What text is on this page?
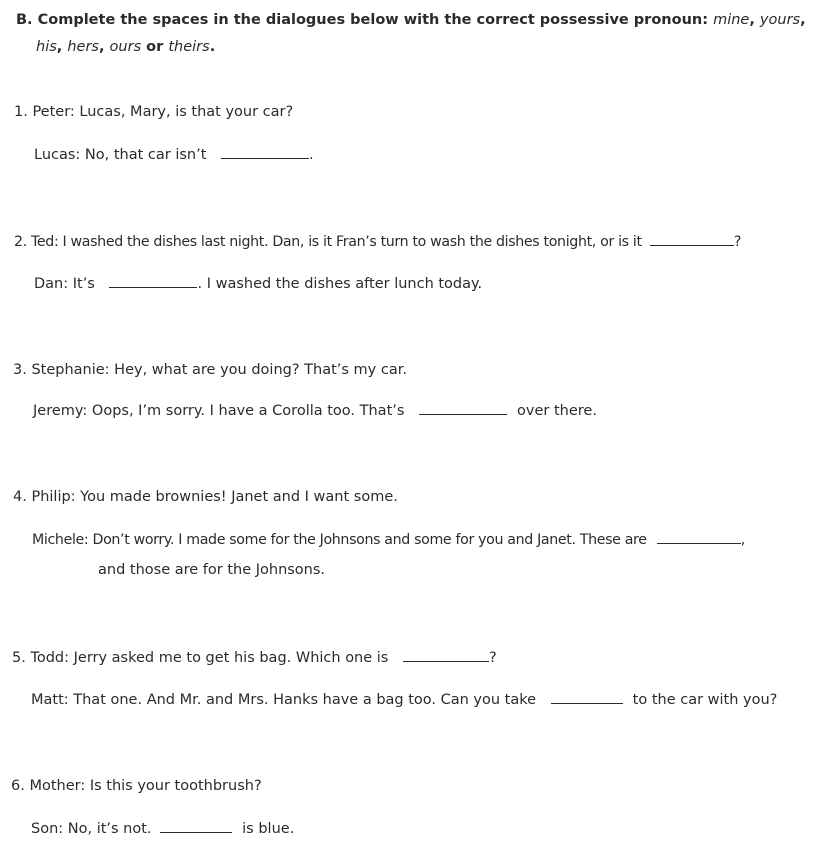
B. Complete the spaces in the dialogues below with the correct possessive pronoun: mine, yours,
his, hers, ours or theirs.
1. Peter: Lucas, Mary, is that your car?
Lucas: No, that car isn’t	.
2. Ted: I washed the dishes last night. Dan, is it Fran’s turn to wash the dishes tonight, or is it	?
Dan: It’s	. I washed the dishes after lunch today.
3. Stephanie: Hey, what are you doing? That’s my car.
Jeremy: Oops, I’m sorry. I have a Corolla too. That’s	over there.
4. Philip: You made brownies! Janet and I want some.
Michele: Don’t worry. I made some for the Johnsons and some for you and Janet. These are	,
and those are for the Johnsons.
5. Todd: Jerry asked me to get his bag. Which one is	?
Matt: That one. And Mr. and Mrs. Hanks have a bag too. Can you take	to the car with you?
6. Mother: Is this your toothbrush?
Son: No, it’s not.	is blue.
